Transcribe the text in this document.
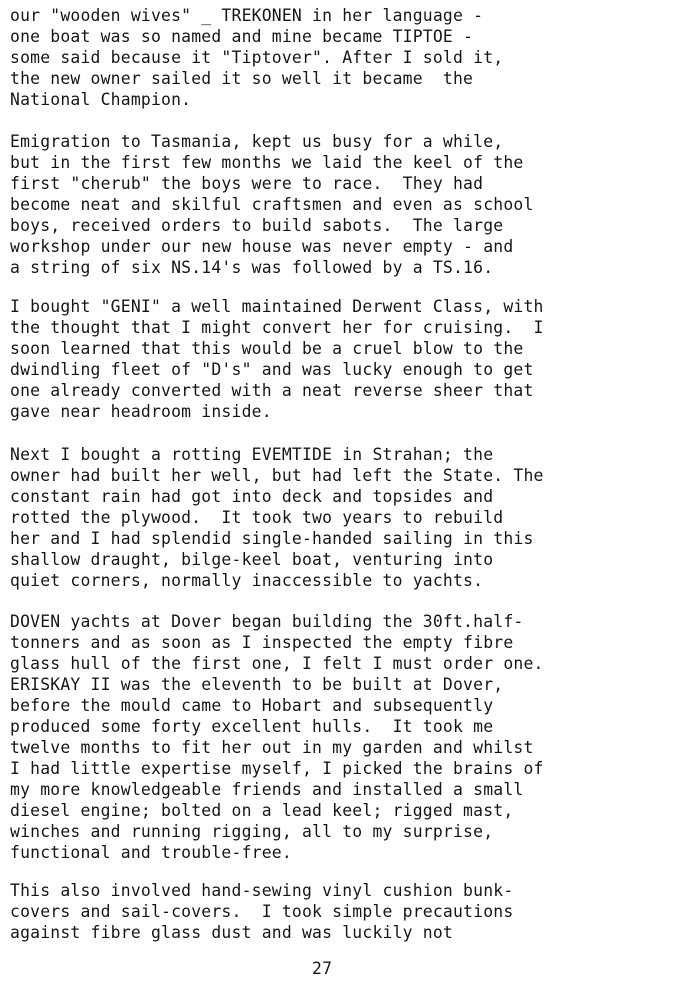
our "wooden wives" _ TREKONEN in her language -
one boat was so named and mine became TIPTOE -
some said because it "Tiptover". After I sold it,
the new owner sailed it so well it became  the
National Champion.
Emigration to Tasmania, kept us busy for a while,
but in the first few months we laid the keel of the
first "cherub" the boys were to race.  They had
become neat and skilful craftsmen and even as school
boys, received orders to build sabots.  The large
workshop under our new house was never empty - and
a string of six NS.14's was followed by a TS.16.
I bought "GENI" a well maintained Derwent Class, with
the thought that I might convert her for cruising.  I
soon learned that this would be a cruel blow to the
dwindling fleet of "D's" and was lucky enough to get
one already converted with a neat reverse sheer that
gave near headroom inside.
Next I bought a rotting EVEMTIDE in Strahan; the
owner had built her well, but had left the State. The
constant rain had got into deck and topsides and
rotted the plywood.  It took two years to rebuild
her and I had splendid single-handed sailing in this
shallow draught, bilge-keel boat, venturing into
quiet corners, normally inaccessible to yachts.
DOVEN yachts at Dover began building the 30ft.half-
tonners and as soon as I inspected the empty fibre
glass hull of the first one, I felt I must order one.
ERISKAY II was the eleventh to be built at Dover,
before the mould came to Hobart and subsequently
produced some forty excellent hulls.  It took me
twelve months to fit her out in my garden and whilst
I had little expertise myself, I picked the brains of
my more knowledgeable friends and installed a small
diesel engine; bolted on a lead keel; rigged mast,
winches and running rigging, all to my surprise,
functional and trouble-free.
This also involved hand-sewing vinyl cushion bunk-
covers and sail-covers.  I took simple precautions
against fibre glass dust and was luckily not
27
